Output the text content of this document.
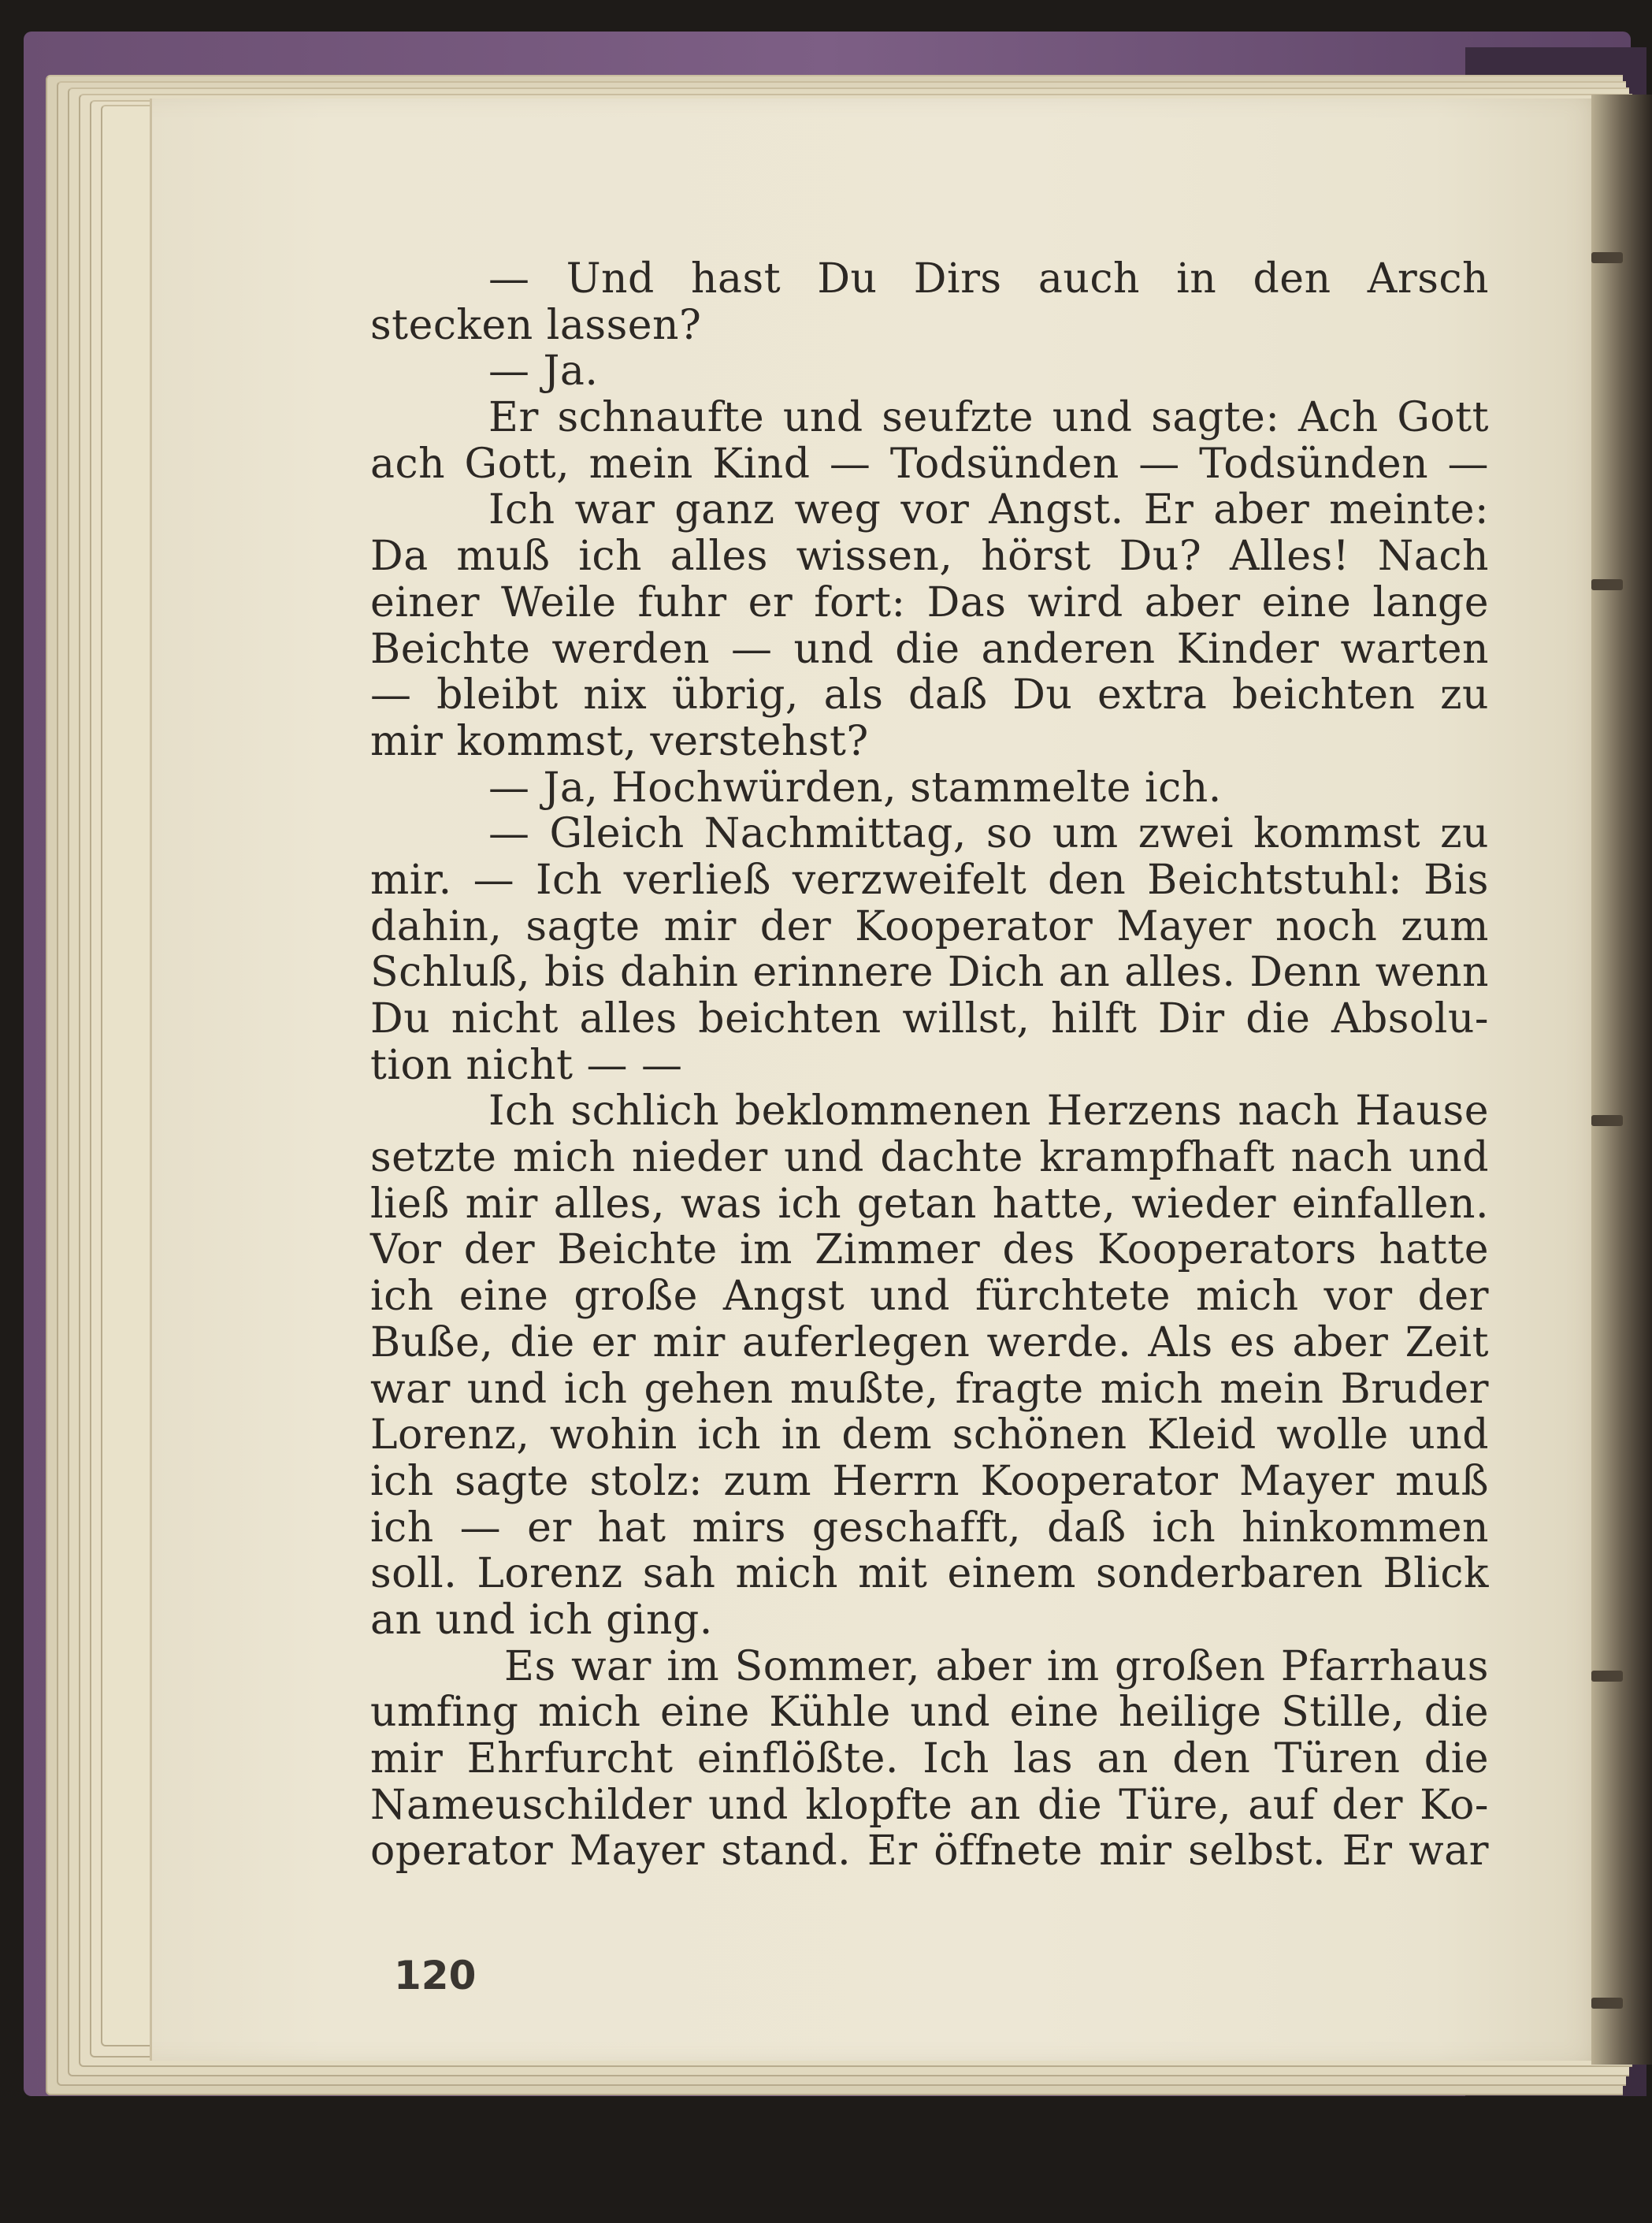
— Und hast Du Dirs auch in den Arsch
stecken lassen?
— Ja.
Er schnaufte und seufzte und sagte: Ach Gott
ach Gott, mein Kind — Todsünden — Todsünden —
Ich war ganz weg vor Angst. Er aber meinte:
Da muß ich alles wissen, hörst Du? Alles! Nach
einer Weile fuhr er fort: Das wird aber eine lange
Beichte werden — und die anderen Kinder warten
— bleibt nix übrig, als daß Du extra beichten zu
mir kommst, verstehst?
— Ja, Hochwürden, stammelte ich.
— Gleich Nachmittag, so um zwei kommst zu
mir. — Ich verließ verzweifelt den Beichtstuhl: Bis
dahin, sagte mir der Kooperator Mayer noch zum
Schluß, bis dahin erinnere Dich an alles. Denn wenn
Du nicht alles beichten willst, hilft Dir die Absolu-
tion nicht — —
Ich schlich beklommenen Herzens nach Hause
setzte mich nieder und dachte krampfhaft nach und
ließ mir alles, was ich getan hatte, wieder einfallen.
Vor der Beichte im Zimmer des Kooperators hatte
ich eine große Angst und fürchtete mich vor der
Buße, die er mir auferlegen werde. Als es aber Zeit
war und ich gehen mußte, fragte mich mein Bruder
Lorenz, wohin ich in dem schönen Kleid wolle und
ich sagte stolz: zum Herrn Kooperator Mayer muß
ich — er hat mirs geschafft, daß ich hinkommen
soll. Lorenz sah mich mit einem sonderbaren Blick
an und ich ging.
Es war im Sommer, aber im großen Pfarrhaus
umfing mich eine Kühle und eine heilige Stille, die
mir Ehrfurcht einflößte. Ich las an den Türen die
Nameuschilder und klopfte an die Türe, auf der Ko-
operator Mayer stand. Er öffnete mir selbst. Er war
120
